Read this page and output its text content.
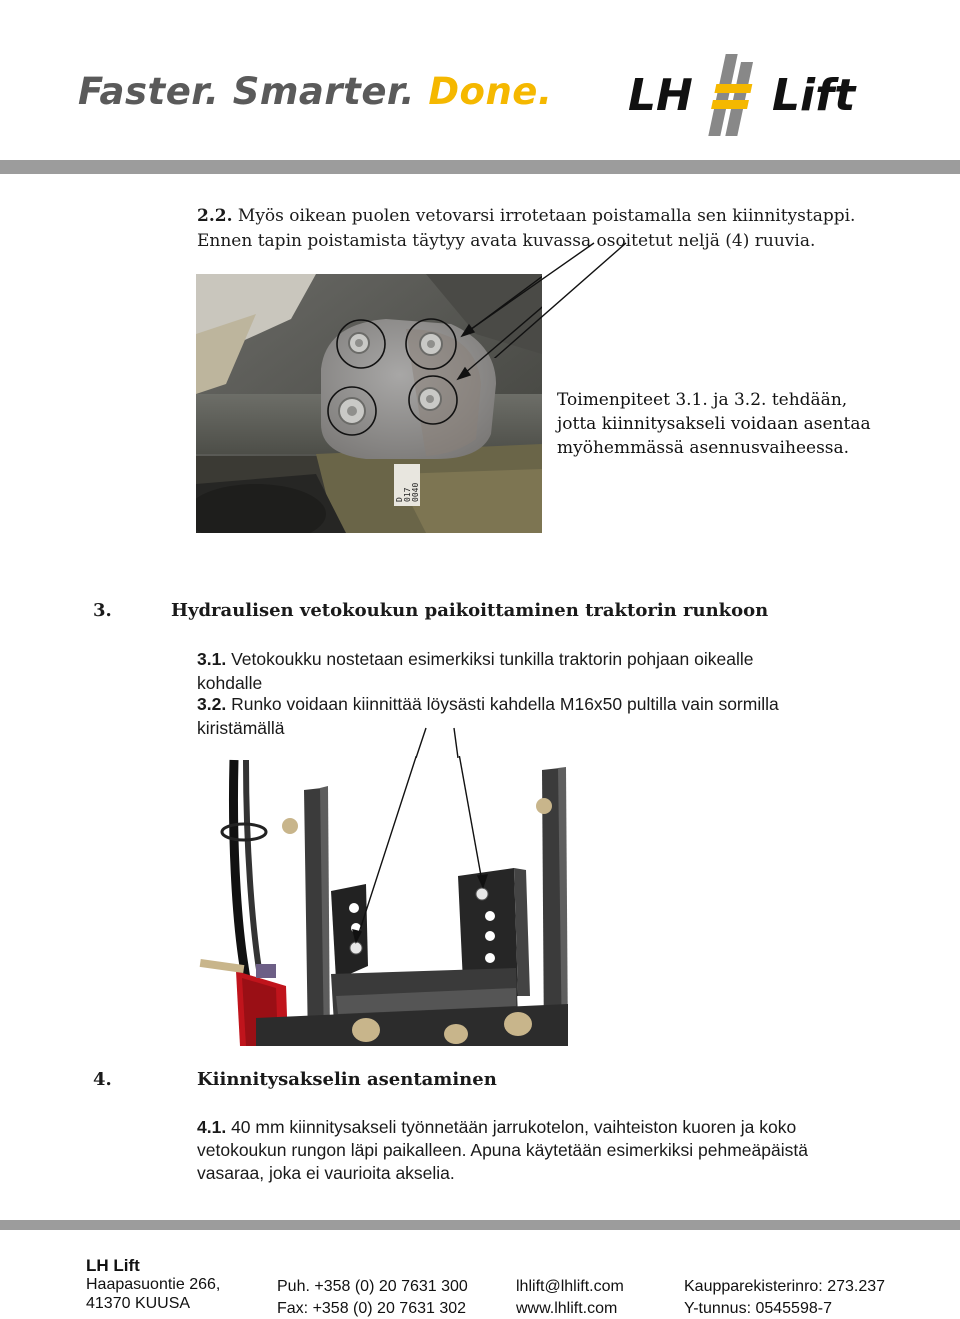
Faster. Smarter. Done. LH Lift
2.2. Myös oikean puolen vetovarsi irrotetaan poistamalla sen kiinnitystappi.
Ennen tapin poistamista täytyy avata kuvassa osoitetut neljä (4) ruuvia.
D 017 0040
Toimenpiteet 3.1. ja 3.2. tehdään,
jotta kiinnitysakseli voidaan asentaa
myöhemmässä asennusvaiheessa.
3.	Hydraulisen vetokoukun paikoittaminen traktorin runkoon
3.1. Vetokoukku nostetaan esimerkiksi tunkilla traktorin pohjaan oikealle
kohdalle
3.2. Runko voidaan kiinnittää löysästi kahdella M16x50 pultilla vain sormilla
kiristämällä
4.	Kiinnitysakselin asentaminen
4.1. 40 mm kiinnitysakseli työnnetään jarrukotelon, vaihteiston kuoren ja koko
vetokoukun rungon läpi paikalleen. Apuna käytetään esimerkiksi pehmeäpäistä
vasaraa, joka ei vaurioita akselia.
LH Lift
Haapasuontie 266,
41370 KUUSA
Puh. +358 (0) 20 7631 300
Fax: +358 (0) 20 7631 302
lhlift@lhlift.com
www.lhlift.com
Kaupparekisterinro: 273.237
Y-tunnus: 0545598-7
